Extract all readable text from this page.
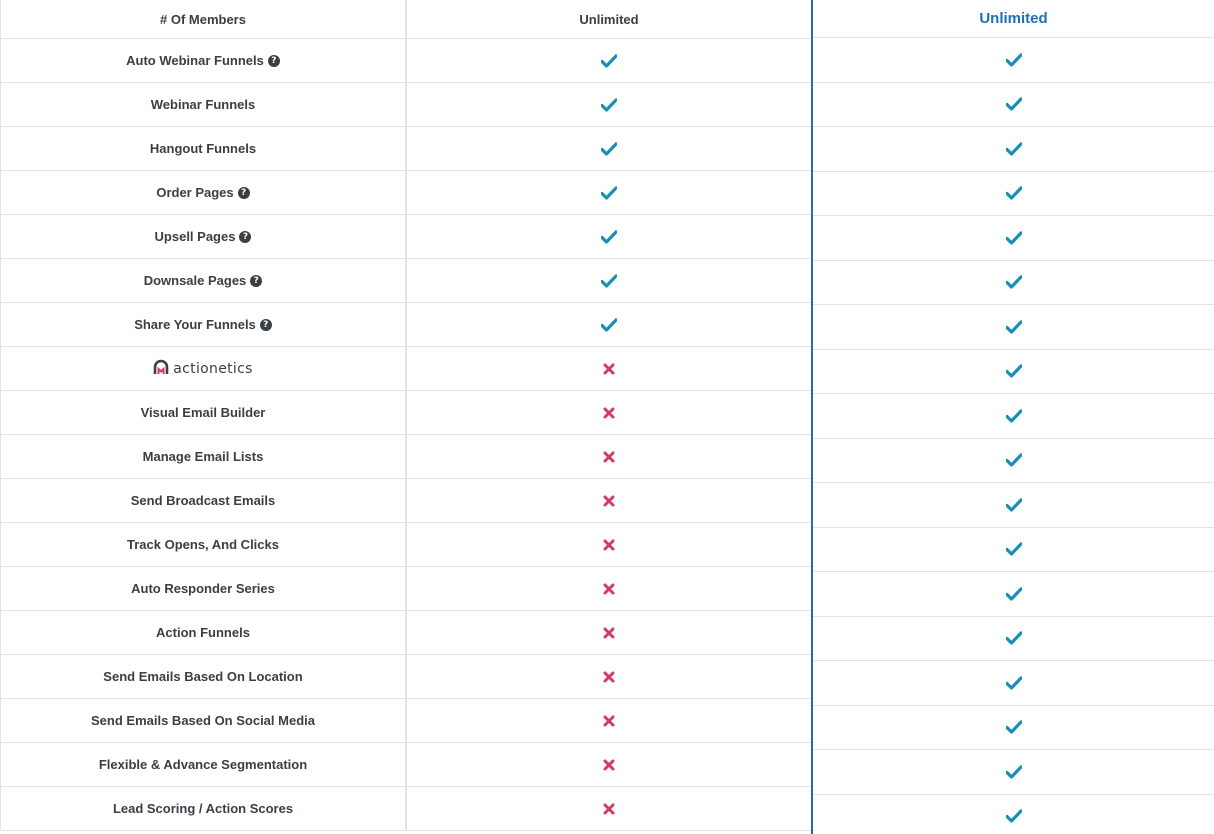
# Of Members	Unlimited
Auto Webinar Funnels ?
Webinar Funnels
Hangout Funnels
Order Pages ?
Upsell Pages ?
Downsale Pages ?
Share Your Funnels ?
actionetics
Visual Email Builder
Manage Email Lists
Send Broadcast Emails
Track Opens, And Clicks
Auto Responder Series
Action Funnels
Send Emails Based On Location
Send Emails Based On Social Media
Flexible & Advance Segmentation
Lead Scoring / Action Scores
Unlimited
